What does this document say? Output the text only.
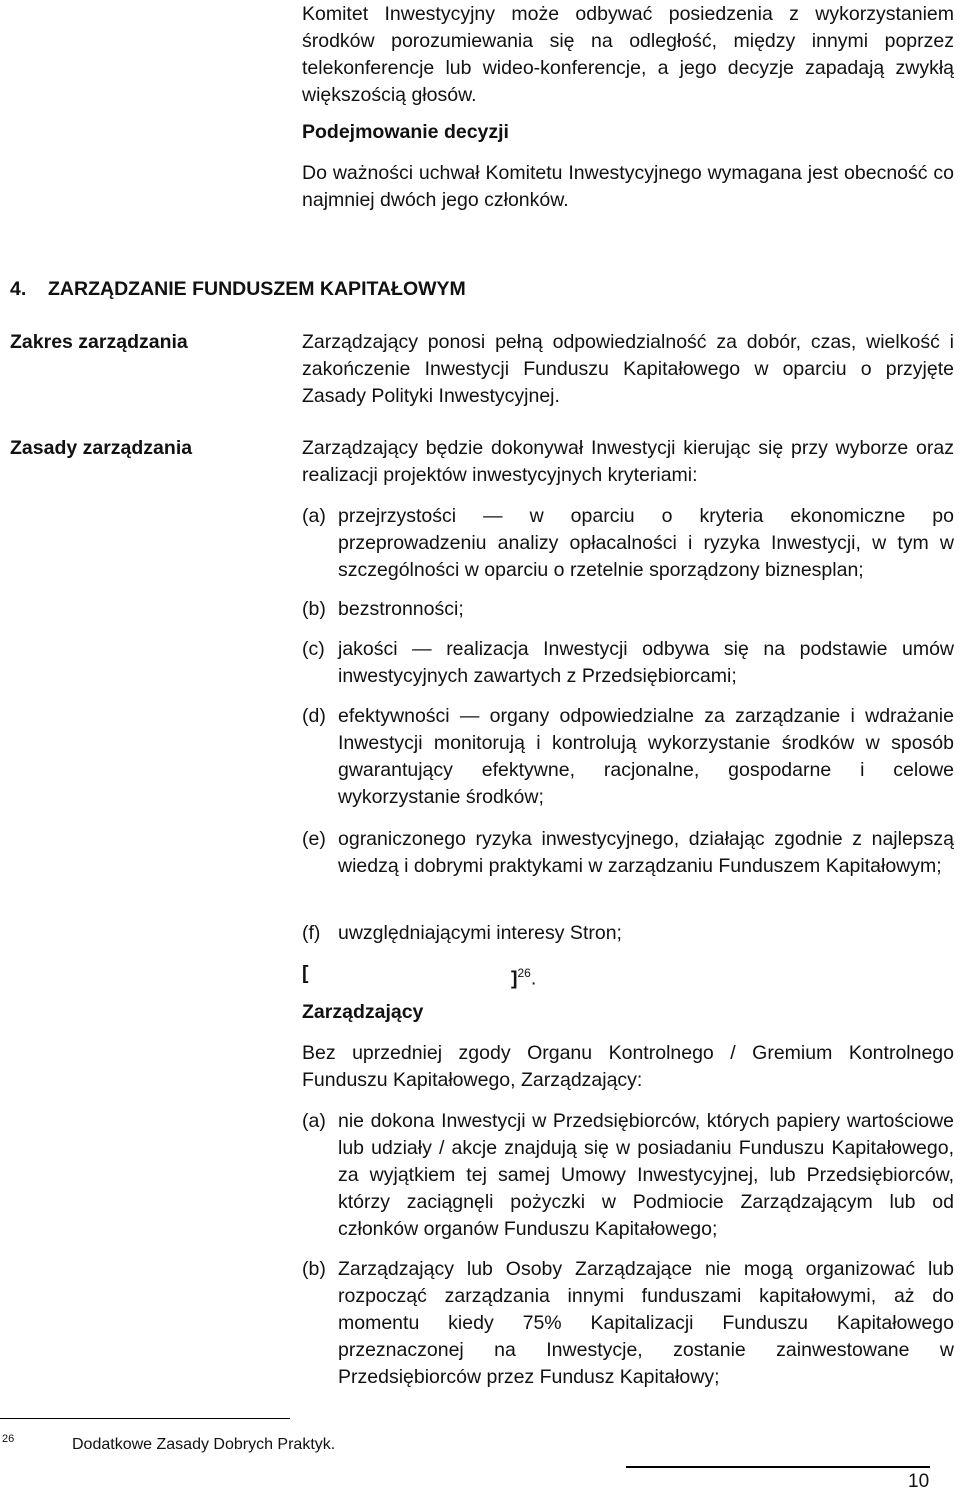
Komitet Inwestycyjny może odbywać posiedzenia z wykorzystaniem środków porozumiewania się na odległość, między innymi poprzez telekonferencje lub wideo-konferencje, a jego decyzje zapadają zwykłą większością głosów.
Podejmowanie decyzji
Do ważności uchwał Komitetu Inwestycyjnego wymagana jest obecność co najmniej dwóch jego członków.
4. ZARZĄDZANIE FUNDUSZEM KAPITAŁOWYM
Zakres zarządzania	Zarządzający ponosi pełną odpowiedzialność za dobór, czas, wielkość i zakończenie Inwestycji Funduszu Kapitałowego w oparciu o przyjęte Zasady Polityki Inwestycyjnej.
Zasady zarządzania	Zarządzający będzie dokonywał Inwestycji kierując się przy wyborze oraz realizacji projektów inwestycyjnych kryteriami:
(a) przejrzystości — w oparciu o kryteria ekonomiczne po przeprowadzeniu analizy opłacalności i ryzyka Inwestycji, w tym w szczególności w oparciu o rzetelnie sporządzony biznesplan;
(b) bezstronności;
(c) jakości — realizacja Inwestycji odbywa się na podstawie umów inwestycyjnych zawartych z Przedsiębiorcami;
(d) efektywności — organy odpowiedzialne za zarządzanie i wdrażanie Inwestycji monitorują i kontrolują wykorzystanie środków w sposób gwarantujący efektywne, racjonalne, gospodarne i celowe wykorzystanie środków;
(e) ograniczonego ryzyka inwestycyjnego, działając zgodnie z najlepszą wiedzą i dobrymi praktykami w zarządzaniu Funduszem Kapitałowym;
(f) uwzględniającymi interesy Stron;
[	]$^{26}$.
Zarządzający
Bez uprzedniej zgody Organu Kontrolnego / Gremium Kontrolnego Funduszu Kapitałowego, Zarządzający:
(a) nie dokona Inwestycji w Przedsiębiorców, których papiery wartościowe lub udziały / akcje znajdują się w posiadaniu Funduszu Kapitałowego, za wyjątkiem tej samej Umowy Inwestycyjnej, lub Przedsiębiorców, którzy zaciągnęli pożyczki w Podmiocie Zarządzającym lub od członków organów Funduszu Kapitałowego;
(b) Zarządzający lub Osoby Zarządzające nie mogą organizować lub rozpocząć zarządzania innymi funduszami kapitałowymi, aż do momentu kiedy 75% Kapitalizacji Funduszu Kapitałowego przeznaczonej na Inwestycje, zostanie zainwestowane w Przedsiębiorców przez Fundusz Kapitałowy;
26	Dodatkowe Zasady Dobrych Praktyk.
10
